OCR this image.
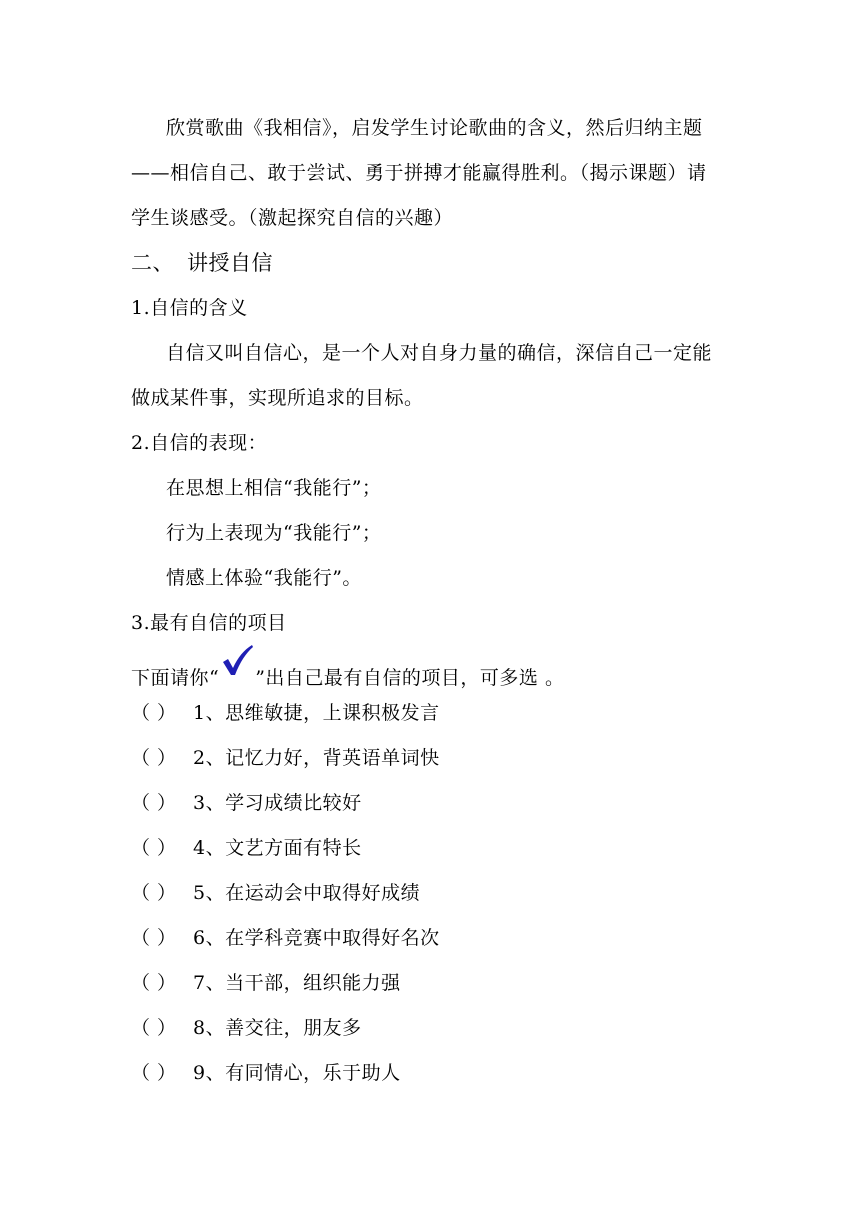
欣赏歌曲《我相信》，启发学生讨论歌曲的含义，然后归纳主题
——相信自己、敢于尝试、勇于拼搏才能赢得胜利。（揭示课题）请
学生谈感受。（激起探究自信的兴趣）
二、 讲授自信
1.自信的含义
自信又叫自信心，是一个人对自身力量的确信，深信自己一定能
做成某件事，实现所追求的目标。
2.自信的表现：
在思想上相信“我能行”；
行为上表现为“我能行”；
情感上体验“我能行”。
3.最有自信的项目
下面请你“ ”出自己最有自信的项目，可多选 。
（ ） 1、思维敏捷，上课积极发言
（ ） 2、记忆力好，背英语单词快
（ ） 3、学习成绩比较好
（ ） 4、文艺方面有特长
（ ） 5、在运动会中取得好成绩
（ ） 6、在学科竞赛中取得好名次
（ ） 7、当干部，组织能力强
（ ） 8、善交往，朋友多
（ ） 9、有同情心，乐于助人
